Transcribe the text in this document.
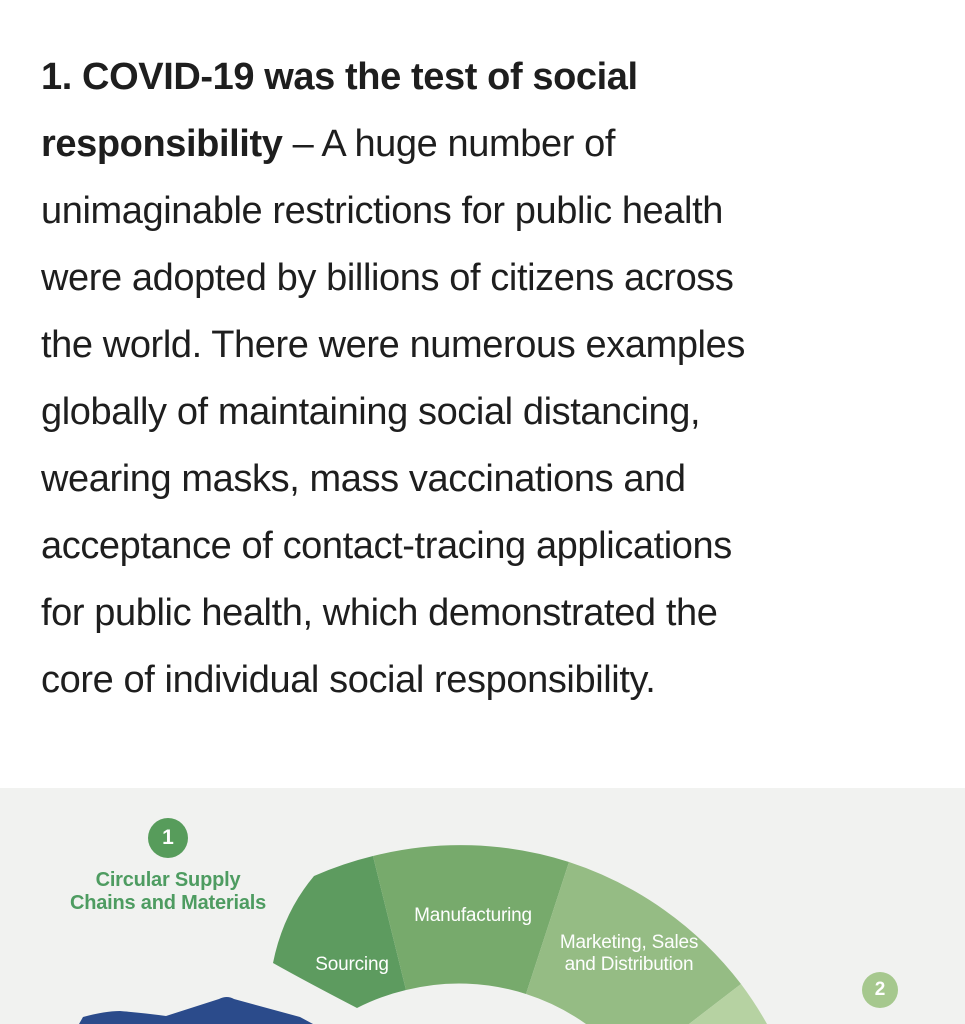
1. COVID-19 was the test of social
responsibility – A huge number of
unimaginable restrictions for public health
were adopted by billions of citizens across
the world. There were numerous examples
globally of maintaining social distancing,
wearing masks, mass vaccinations and
acceptance of contact-tracing applications
for public health, which demonstrated the
core of individual social responsibility.
1
Circular Supply
Chains and Materials
Sourcing
Manufacturing
Marketing, Sales
and Distribution
2
